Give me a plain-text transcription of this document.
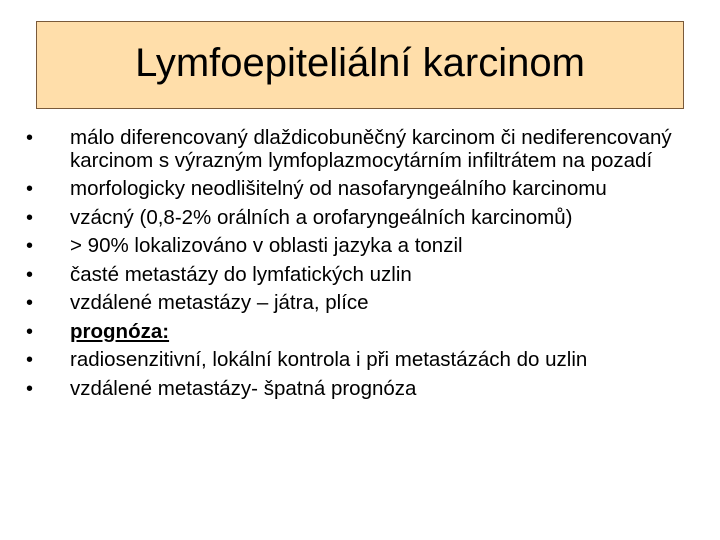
Lymfoepiteliální karcinom
•	málo diferencovaný dlaždicobuněčný karcinom či nediferencovaný karcinom s výrazným lymfoplazmocytárním infiltrátem na pozadí
•	morfologicky neodlišitelný od nasofaryngeálního karcinomu
•	vzácný (0,8-2% orálních a orofaryngeálních karcinomů)
•	> 90% lokalizováno v oblasti jazyka a tonzil
•	časté metastázy do lymfatických uzlin
•	vzdálené metastázy – játra, plíce
•	prognóza:
•	radiosenzitivní, lokální kontrola i při metastázách do uzlin
•	vzdálené metastázy- špatná prognóza
